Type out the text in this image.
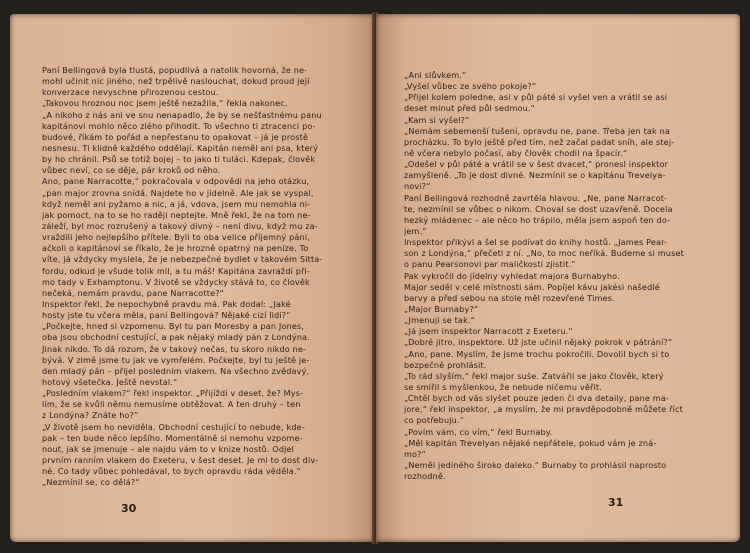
Paní Bellingová byla tlustá, popudlivá a natolik hovorná, že ne-
mohl učinit nic jiného, než trpělivě naslouchat, dokud proud její
konverzace nevyschne přirozenou cestou.
„Takovou hroznou noc jsem ještě nezažila,“ řekla nakonec.
„A nikoho z nás ani ve snu nenapadlo, že by se nešťastnému panu
kapitánovi mohlo něco zlého přihodit. To všechno ti ztracenci po-
budové, říkám to pořád a nepřestanu to opakovat – já je prostě
nesnesu. Ti klidně každého oddělají. Kapitán neměl ani psa, který
by ho chránil. Psů se totiž bojej – to jako ti tuláci. Kdepak, člověk
vůbec neví, co se děje, pár kroků od něho.
Ano, pane Narracotte,“ pokračovala v odpovědi na jeho otázku,
„pan major zrovna snídá. Najdete ho v jídelně. Ale jak se vyspal,
když neměl ani pyžamo a nic, a já, vdova, jsem mu nemohla ni-
jak pomoct, na to se ho raději neptejte. Mně řekl, že na tom ne-
záleží, byl moc rozrušený a takový divný – není divu, když mu za-
vraždili jeho nejlepšího přítele. Byli to oba velice příjemný páni,
ačkoli o kapitánovi se říkalo, že je hrozně opatrný na peníze. To
víte, já vždycky myslela, že je nebezpečné bydlet v takovém Sitta-
fordu, odkud je všude tolik mil, a tu máš! Kapitána zavraždí při-
mo tady v Exhamptonu. V životě se vždycky stává to, co člověk
nečeká, nemám pravdu, pane Narracotte?“
Inspektor řekl, že nepochybně pravdu má. Pak dodal: „Jaké
hosty jste tu včera měla, paní Bellingová? Nějaké cizí lidi?“
„Počkejte, hned si vzpomenu. Byl tu pan Moresby a pan Jones,
oba jsou obchodní cestující, a pak nějaký mladý pán z Londýna.
Jinak nikdo. To dá rozum, že v takový nečas, tu skoro nikdo ne-
bývá. V zimě jsme tu jak ve vymřelém. Počkejte, byl tu ještě je-
den mladý pán – přijel posledním vlakem. Na všechno zvědavý,
hotový všetečka. Ještě nevstal.“
„Posledním vlakem?“ řekl inspektor. „Přijíždí v deset, že? Mys-
lím, že se kvůli němu nemusíme obtěžovat. A ten druhý – ten
z Londýna? Znáte ho?“
„V životě jsem ho neviděla. Obchodní cestující to nebude, kde-
pak – ten bude něco lepšího. Momentálně si nemohu vzpome-
nout, jak se jmenuje – ale najdu vám to v knize hostů. Odjel
prvním ranním vlakem do Exeteru, v šest deset. Je mi to dost div-
né. Co tady vůbec pohledával, to bych opravdu ráda věděla.“
„Nezmínil se, co dělá?“
30
„Ani slůvkem.“
„Vyšel vůbec ze svého pokoje?“
„Přijel kolem poledne, asi v půl páté si vyšel ven a vrátil se asi
deset minut před půl sedmou.“
„Kam si vyšel?“
„Nemám sebemenší tušení, opravdu ne, pane. Třeba jen tak na
procházku. To bylo ještě před tím, než začal padat sníh, ale stej-
ně včera nebylo počasí, aby člověk chodil na špacír.“
„Odešel v půl páté a vrátil se v šest dvacet,“ pronesl inspektor
zamyšleně. „To je dost divné. Nezmínil se o kapitánu Trevelya-
novi?“
Paní Bellingová rozhodně zavrtěla hlavou. „Ne, pane Narracot-
te, nezmínil se vůbec o nikom. Choval se dost uzavřeně. Docela
hezký mládenec – ale něco ho trápilo, měla jsem aspoň ten do-
jem.“
Inspektor přikývl a šel se podívat do knihy hostů. „James Pear-
son z Londýna,“ přečetl z ní. „No, to moc neříká. Budeme si muset
o panu Pearsonovi par maličkostí zjistit.“
Pak vykročil do jídelny vyhledat majora Burnabyho.
Major seděl v celé místnosti sám. Popíjel kávu jakési našedlé
barvy a před sebou na stole měl rozevřené Times.
„Major Burnaby?“
„Jmenuji se tak.“
„Já jsem inspektor Narracott z Exeteru.“
„Dobré jitro, inspektore. Už jste učinil nějaký pokrok v pátrání?“
„Ano, pane. Myslím, že jsme trochu pokročili. Dovolil bych si to
bezpečně prohlásit.
„To rád slyším,“ řekl major suše. Zatvářil se jako člověk, který
se smířil s myšlenkou, že nebude ničemu věřit.
„Chtěl bych od vás slyšet pouze jeden či dva detaily, pane ma-
jore,“ řekl inspektor, „a myslím, že mi pravděpodobně můžete říct
co potřebuju.“
„Povím vám, co vím,“ řekl Burnaby.
„Měl kapitán Trevelyan nějaké nepřátele, pokud vám je zná-
mo?“
„Neměl jediného široko daleko.“ Burnaby to prohlásil naprosto
rozhodně.
31
